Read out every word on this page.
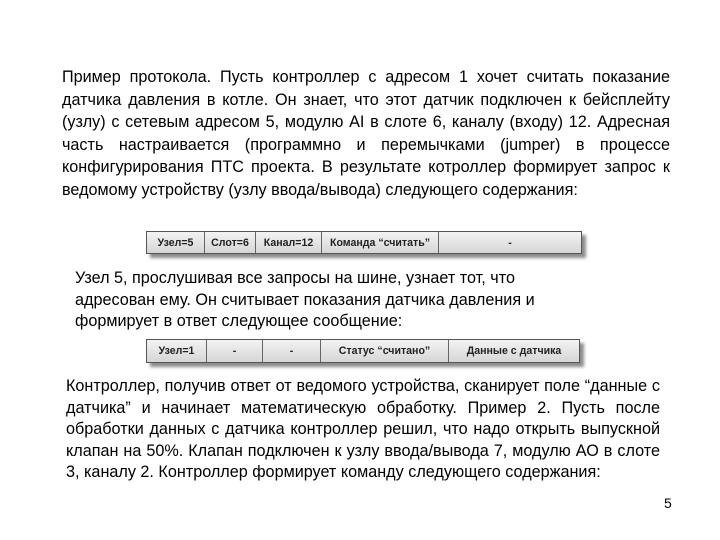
Пример протокола. Пусть контроллер с адресом 1 хочет считать показание датчика давления в котле. Он знает, что этот датчик подключен к бейсплейту (узлу) с сетевым адресом 5, модулю AI в слоте 6, каналу (входу) 12. Адресная часть настраивается (программно и перемычками (jumper) в процессе конфигурирования ПТС проекта. В результате котроллер формирует запрос к ведомому устройству (узлу ввода/вывода) следующего содержания:

Узел=5	Слот=6	Канал=12	Команда “считать”	-

Узел 5, прослушивая все запросы на шине, узнает тот, что адресован ему. Он считывает показания датчика давления и формирует в ответ следующее сообщение:

Узел=1	-	-	Статус “считано”	Данные с датчика

Контроллер, получив ответ от ведомого устройства, сканирует поле “данные с датчика” и начинает математическую обработку. Пример 2. Пусть после обработки данных с датчика контроллер решил, что надо открыть выпускной клапан на 50%. Клапан подключен к узлу ввода/вывода 7, модулю АО в слоте 3, каналу 2. Контроллер формирует команду следующего содержания:

5
